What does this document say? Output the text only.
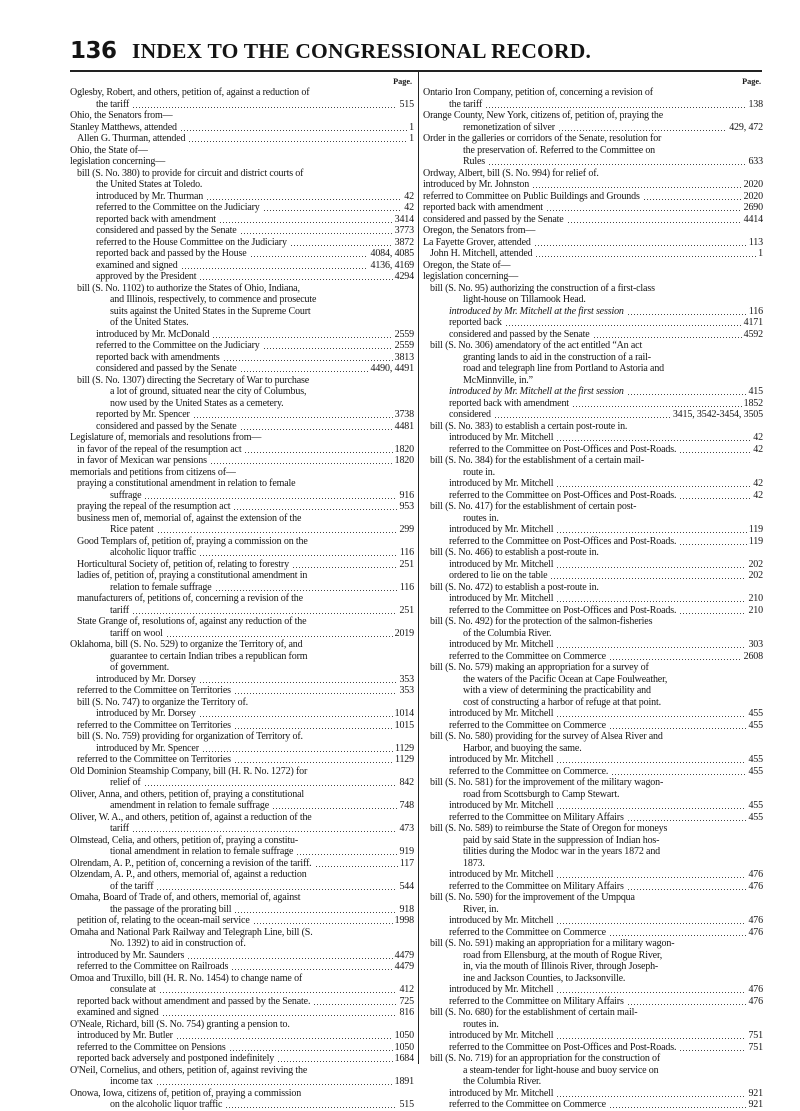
136 INDEX TO THE CONGRESSIONAL RECORD.
Page.
Oglesby, Robert, and others, petition of, against a reduction of
the tariff	515
Ohio, the Senators from—
Stanley Matthews, attended	1
Allen G. Thurman, attended	1
Ohio, the State of—
legislation concerning—
bill (S. No. 380) to provide for circuit and district courts of
the United States at Toledo.
introduced by Mr. Thurman	42
referred to the Committee on the Judiciary	42
reported back with amendment	3414
considered and passed by the Senate	3773
referred to the House Committee on the Judiciary	3872
reported back and passed by the House	4084, 4085
examined and signed	4136, 4169
approved by the President	4294
bill (S. No. 1102) to authorize the States of Ohio, Indiana,
and Illinois, respectively, to commence and prosecute
suits against the United States in the Supreme Court
of the United States.
introduced by Mr. McDonald	2559
referred to the Committee on the Judiciary	2559
reported back with amendments	3813
considered and passed by the Senate	4490, 4491
bill (S. No. 1307) directing the Secretary of War to purchase
a lot of ground, situated near the city of Columbus,
now used by the United States as a cemetery.
reported by Mr. Spencer	3738
considered and passed by the Senate	4481
Legislature of, memorials and resolutions from—
in favor of the repeal of the resumption act	1820
in favor of Mexican war pensions	1820
memorials and petitions from citizens of—
praying a constitutional amendment in relation to female
suffrage	916
praying the repeal of the resumption act	953
business men of, memorial of, against the extension of the
Rice patent	299
Good Templars of, petition of, praying a commission on the
alcoholic liquor traffic	116
Horticultural Society of, petition of, relating to forestry	251
ladies of, petition of, praying a constitutional amendment in
relation to female suffrage	116
manufacturers of, petitions of, concerning a revision of the
tariff	251
State Grange of, resolutions of, against any reduction of the
tariff on wool	2019
Oklahoma, bill (S. No. 529) to organize the Territory of, and
guarantee to certain Indian tribes a republican form
of government.
introduced by Mr. Dorsey	353
referred to the Committee on Territories	353
bill (S. No. 747) to organize the Territory of.
introduced by Mr. Dorsey	1014
referred to the Committee on Territories	1015
bill (S. No. 759) providing for organization of Territory of.
introduced by Mr. Spencer	1129
referred to the Committee on Territories	1129
Old Dominion Steamship Company, bill (H. R. No. 1272) for
relief of	842
Oliver, Anna, and others, petition of, praying a constitutional
amendment in relation to female suffrage	748
Oliver, W. A., and others, petition of, against a reduction of the
tariff	473
Olmstead, Celia, and others, petition of, praying a constitu-
tional amendment in relation to female suffrage	919
Olrendam, A. P., petition of, concerning a revision of the tariff.	117
Olzendam, A. P., and others, memorial of, against a reduction
of the tariff	544
Omaha, Board of Trade of, and others, memorial of, against
the passage of the prorating bill	918
petition of, relating to the ocean-mail service	1998
Omaha and National Park Railway and Telegraph Line, bill (S.
No. 1392) to aid in construction of.
introduced by Mr. Saunders	4479
referred to the Committee on Railroads	4479
Omoa and Truxillo, bill (H. R. No. 1454) to change name of
consulate at	412
reported back without amendment and passed by the Senate.	725
examined and signed	816
O'Neale, Richard, bill (S. No. 754) granting a pension to.
introduced by Mr. Butler	1050
referred to the Committee on Pensions	1050
reported back adversely and postponed indefinitely	1684
O'Neil, Cornelius, and others, petition of, against reviving the
income tax	1891
Onowa, Iowa, citizens of, petition of, praying a commission
on the alcoholic liquor traffic	515
Page.
Ontario Iron Company, petition of, concerning a revision of
the tariff	138
Orange County, New York, citizens of, petition of, praying the
remonetization of silver	429, 472
Order in the galleries or corridors of the Senate, resolution for
the preservation of. Referred to the Committee on
Rules	633
Ordway, Albert, bill (S. No. 994) for relief of.
introduced by Mr. Johnston	2020
referred to Committee on Public Buildings and Grounds	2020
reported back with amendment	2690
considered and passed by the Senate	4414
Oregon, the Senators from—
La Fayette Grover, attended	113
John H. Mitchell, attended	1
Oregon, the State of—
legislation concerning—
bill (S. No. 95) authorizing the construction of a first-class
light-house on Tillamook Head.
introduced by Mr. Mitchell at the first session	116
reported back	4171
considered and passed by the Senate	4592
bill (S. No. 306) amendatory of the act entitled “An act
granting lands to aid in the construction of a rail-
road and telegraph line from Portland to Astoria and
McMinnville, in.”
introduced by Mr. Mitchell at the first session	415
reported back with amendment	1852
considered	3415, 3542-3454, 3505
bill (S. No. 383) to establish a certain post-route in.
introduced by Mr. Mitchell	42
referred to the Committee on Post-Offices and Post-Roads.	42
bill (S. No. 384) for the establishment of a certain mail-
route in.
introduced by Mr. Mitchell	42
referred to the Committee on Post-Offices and Post-Roads.	42
bill (S. No. 417) for the establishment of certain post-
routes in.
introduced by Mr. Mitchell	119
referred to the Committee on Post-Offices and Post-Roads.	119
bill (S. No. 466) to establish a post-route in.
introduced by Mr. Mitchell	202
ordered to lie on the table	202
bill (S. No. 472) to establish a post-route in.
introduced by Mr. Mitchell	210
referred to the Committee on Post-Offices and Post-Roads.	210
bill (S. No. 492) for the protection of the salmon-fisheries
of the Columbia River.
introduced by Mr. Mitchell	303
referred to the Committee on Commerce	2608
bill (S. No. 579) making an appropriation for a survey of
the waters of the Pacific Ocean at Cape Foulweather,
with a view of determining the practicability and
cost of constructing a harbor of refuge at that point.
introduced by Mr. Mitchell	455
referred to the Committee on Commerce	455
bill (S. No. 580) providing for the survey of Alsea River and
Harbor, and buoying the same.
introduced by Mr. Mitchell	455
referred to the Committee on Commerce.	455
bill (S. No. 581) for the improvement of the military wagon-
road from Scottsburgh to Camp Stewart.
introduced by Mr. Mitchell	455
referred to the Committee on Military Affairs	455
bill (S. No. 589) to reimburse the State of Oregon for moneys
paid by said State in the suppression of Indian hos-
tilities during the Modoc war in the years 1872 and
1873.
introduced by Mr. Mitchell	476
referred to the Committee on Military Affairs	476
bill (S. No. 590) for the improvement of the Umpqua
River, in.
introduced by Mr. Mitchell	476
referred to the Committee on Commerce	476
bill (S. No. 591) making an appropriation for a military wagon-
road from Ellensburg, at the mouth of Rogue River,
in, via the mouth of Illinois River, through Joseph-
ine and Jackson Counties, to Jacksonville.
introduced by Mr. Mitchell	476
referred to the Committee on Military Affairs	476
bill (S. No. 680) for the establishment of certain mail-
routes in.
introduced by Mr. Mitchell	751
referred to the Committee on Post-Offices and Post-Roads.	751
bill (S. No. 719) for an appropriation for the construction of
a steam-tender for light-house and buoy service on
the Columbia River.
introduced by Mr. Mitchell	921
referred to the Committee on Commerce	921
